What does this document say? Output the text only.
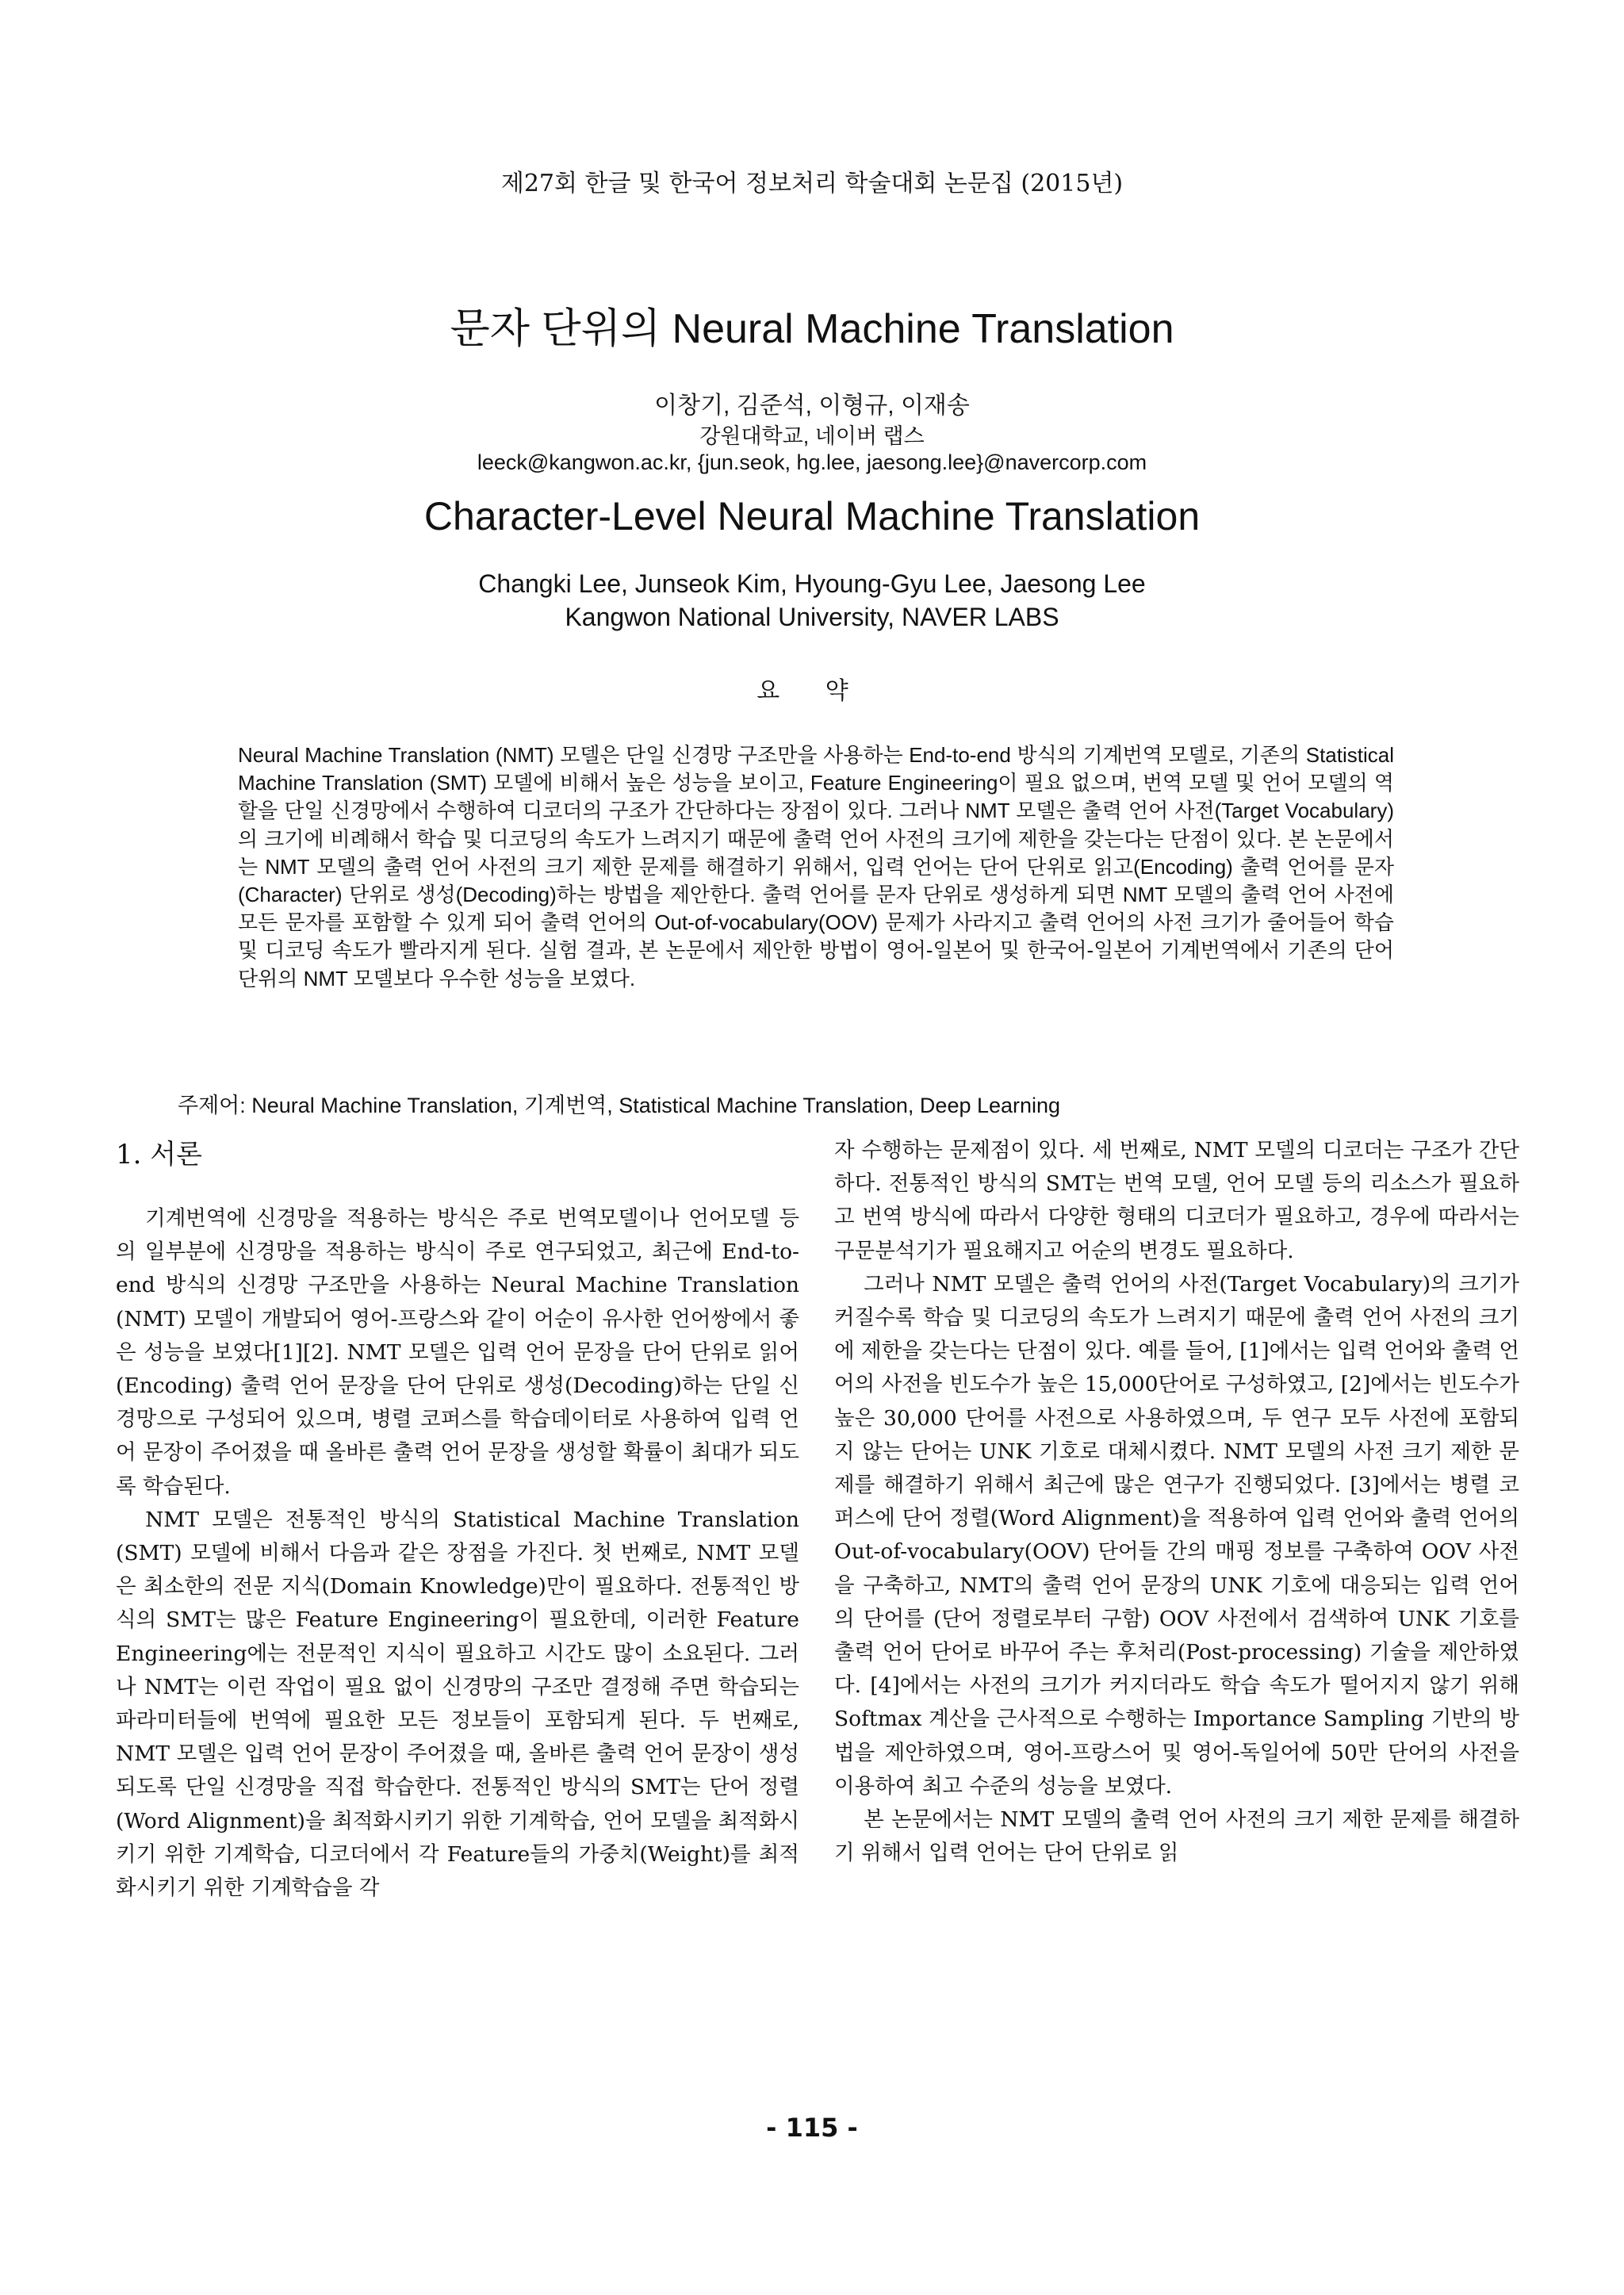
제27회 한글 및 한국어 정보처리 학술대회 논문집 (2015년)
문자 단위의 Neural Machine Translation
이창기, 김준석, 이형규, 이재송
강원대학교, 네이버 랩스
leeck@kangwon.ac.kr, {jun.seok, hg.lee, jaesong.lee}@navercorp.com
Character-Level Neural Machine Translation
Changki Lee, Junseok Kim, Hyoung-Gyu Lee, Jaesong Lee
Kangwon National University, NAVER LABS
요 약
Neural Machine Translation (NMT) 모델은 단일 신경망 구조만을 사용하는 End-to-end 방식의 기계번역 모델로, 기존의 Statistical Machine Translation (SMT) 모델에 비해서 높은 성능을 보이고, Feature Engineering이 필요 없으며, 번역 모델 및 언어 모델의 역할을 단일 신경망에서 수행하여 디코더의 구조가 간단하다는 장점이 있다. 그러나 NMT 모델은 출력 언어 사전(Target Vocabulary)의 크기에 비례해서 학습 및 디코딩의 속도가 느려지기 때문에 출력 언어 사전의 크기에 제한을 갖는다는 단점이 있다. 본 논문에서는 NMT 모델의 출력 언어 사전의 크기 제한 문제를 해결하기 위해서, 입력 언어는 단어 단위로 읽고(Encoding) 출력 언어를 문자(Character) 단위로 생성(Decoding)하는 방법을 제안한다. 출력 언어를 문자 단위로 생성하게 되면 NMT 모델의 출력 언어 사전에 모든 문자를 포함할 수 있게 되어 출력 언어의 Out-of-vocabulary(OOV) 문제가 사라지고 출력 언어의 사전 크기가 줄어들어 학습 및 디코딩 속도가 빨라지게 된다. 실험 결과, 본 논문에서 제안한 방법이 영어-일본어 및 한국어-일본어 기계번역에서 기존의 단어 단위의 NMT 모델보다 우수한 성능을 보였다.
주제어: Neural Machine Translation, 기계번역, Statistical Machine Translation, Deep Learning
1. 서론

기계번역에 신경망을 적용하는 방식은 주로 번역모델이나 언어모델 등의 일부분에 신경망을 적용하는 방식이 주로 연구되었고, 최근에 End-to-end 방식의 신경망 구조만을 사용하는 Neural Machine Translation (NMT) 모델이 개발되어 영어-프랑스와 같이 어순이 유사한 언어쌍에서 좋은 성능을 보였다[1][2]. NMT 모델은 입력 언어 문장을 단어 단위로 읽어(Encoding) 출력 언어 문장을 단어 단위로 생성(Decoding)하는 단일 신경망으로 구성되어 있으며, 병렬 코퍼스를 학습데이터로 사용하여 입력 언어 문장이 주어졌을 때 올바른 출력 언어 문장을 생성할 확률이 최대가 되도록 학습된다.

NMT 모델은 전통적인 방식의 Statistical Machine Translation (SMT) 모델에 비해서 다음과 같은 장점을 가진다. 첫 번째로, NMT 모델은 최소한의 전문 지식(Domain Knowledge)만이 필요하다. 전통적인 방식의 SMT는 많은 Feature Engineering이 필요한데, 이러한 Feature Engineering에는 전문적인 지식이 필요하고 시간도 많이 소요된다. 그러나 NMT는 이런 작업이 필요 없이 신경망의 구조만 결정해 주면 학습되는 파라미터들에 번역에 필요한 모든 정보들이 포함되게 된다. 두 번째로, NMT 모델은 입력 언어 문장이 주어졌을 때, 올바른 출력 언어 문장이 생성되도록 단일 신경망을 직접 학습한다. 전통적인 방식의 SMT는 단어 정렬(Word Alignment)을 최적화시키기 위한 기계학습, 언어 모델을 최적화시키기 위한 기계학습, 디코더에서 각 Feature들의 가중치(Weight)를 최적화시키기 위한 기계학습을 각

자 수행하는 문제점이 있다. 세 번째로, NMT 모델의 디코더는 구조가 간단하다. 전통적인 방식의 SMT는 번역 모델, 언어 모델 등의 리소스가 필요하고 번역 방식에 따라서 다양한 형태의 디코더가 필요하고, 경우에 따라서는 구문분석기가 필요해지고 어순의 변경도 필요하다.

그러나 NMT 모델은 출력 언어의 사전(Target Vocabulary)의 크기가 커질수록 학습 및 디코딩의 속도가 느려지기 때문에 출력 언어 사전의 크기에 제한을 갖는다는 단점이 있다. 예를 들어, [1]에서는 입력 언어와 출력 언어의 사전을 빈도수가 높은 15,000단어로 구성하였고, [2]에서는 빈도수가 높은 30,000 단어를 사전으로 사용하였으며, 두 연구 모두 사전에 포함되지 않는 단어는 UNK 기호로 대체시켰다. NMT 모델의 사전 크기 제한 문제를 해결하기 위해서 최근에 많은 연구가 진행되었다. [3]에서는 병렬 코퍼스에 단어 정렬(Word Alignment)을 적용하여 입력 언어와 출력 언어의 Out-of-vocabulary(OOV) 단어들 간의 매핑 정보를 구축하여 OOV 사전을 구축하고, NMT의 출력 언어 문장의 UNK 기호에 대응되는 입력 언어의 단어를 (단어 정렬로부터 구함) OOV 사전에서 검색하여 UNK 기호를 출력 언어 단어로 바꾸어 주는 후처리(Post-processing) 기술을 제안하였다. [4]에서는 사전의 크기가 커지더라도 학습 속도가 떨어지지 않기 위해 Softmax 계산을 근사적으로 수행하는 Importance Sampling 기반의 방법을 제안하였으며, 영어-프랑스어 및 영어-독일어에 50만 단어의 사전을 이용하여 최고 수준의 성능을 보였다.

본 논문에서는 NMT 모델의 출력 언어 사전의 크기 제한 문제를 해결하기 위해서 입력 언어는 단어 단위로 읽

- 115 -
